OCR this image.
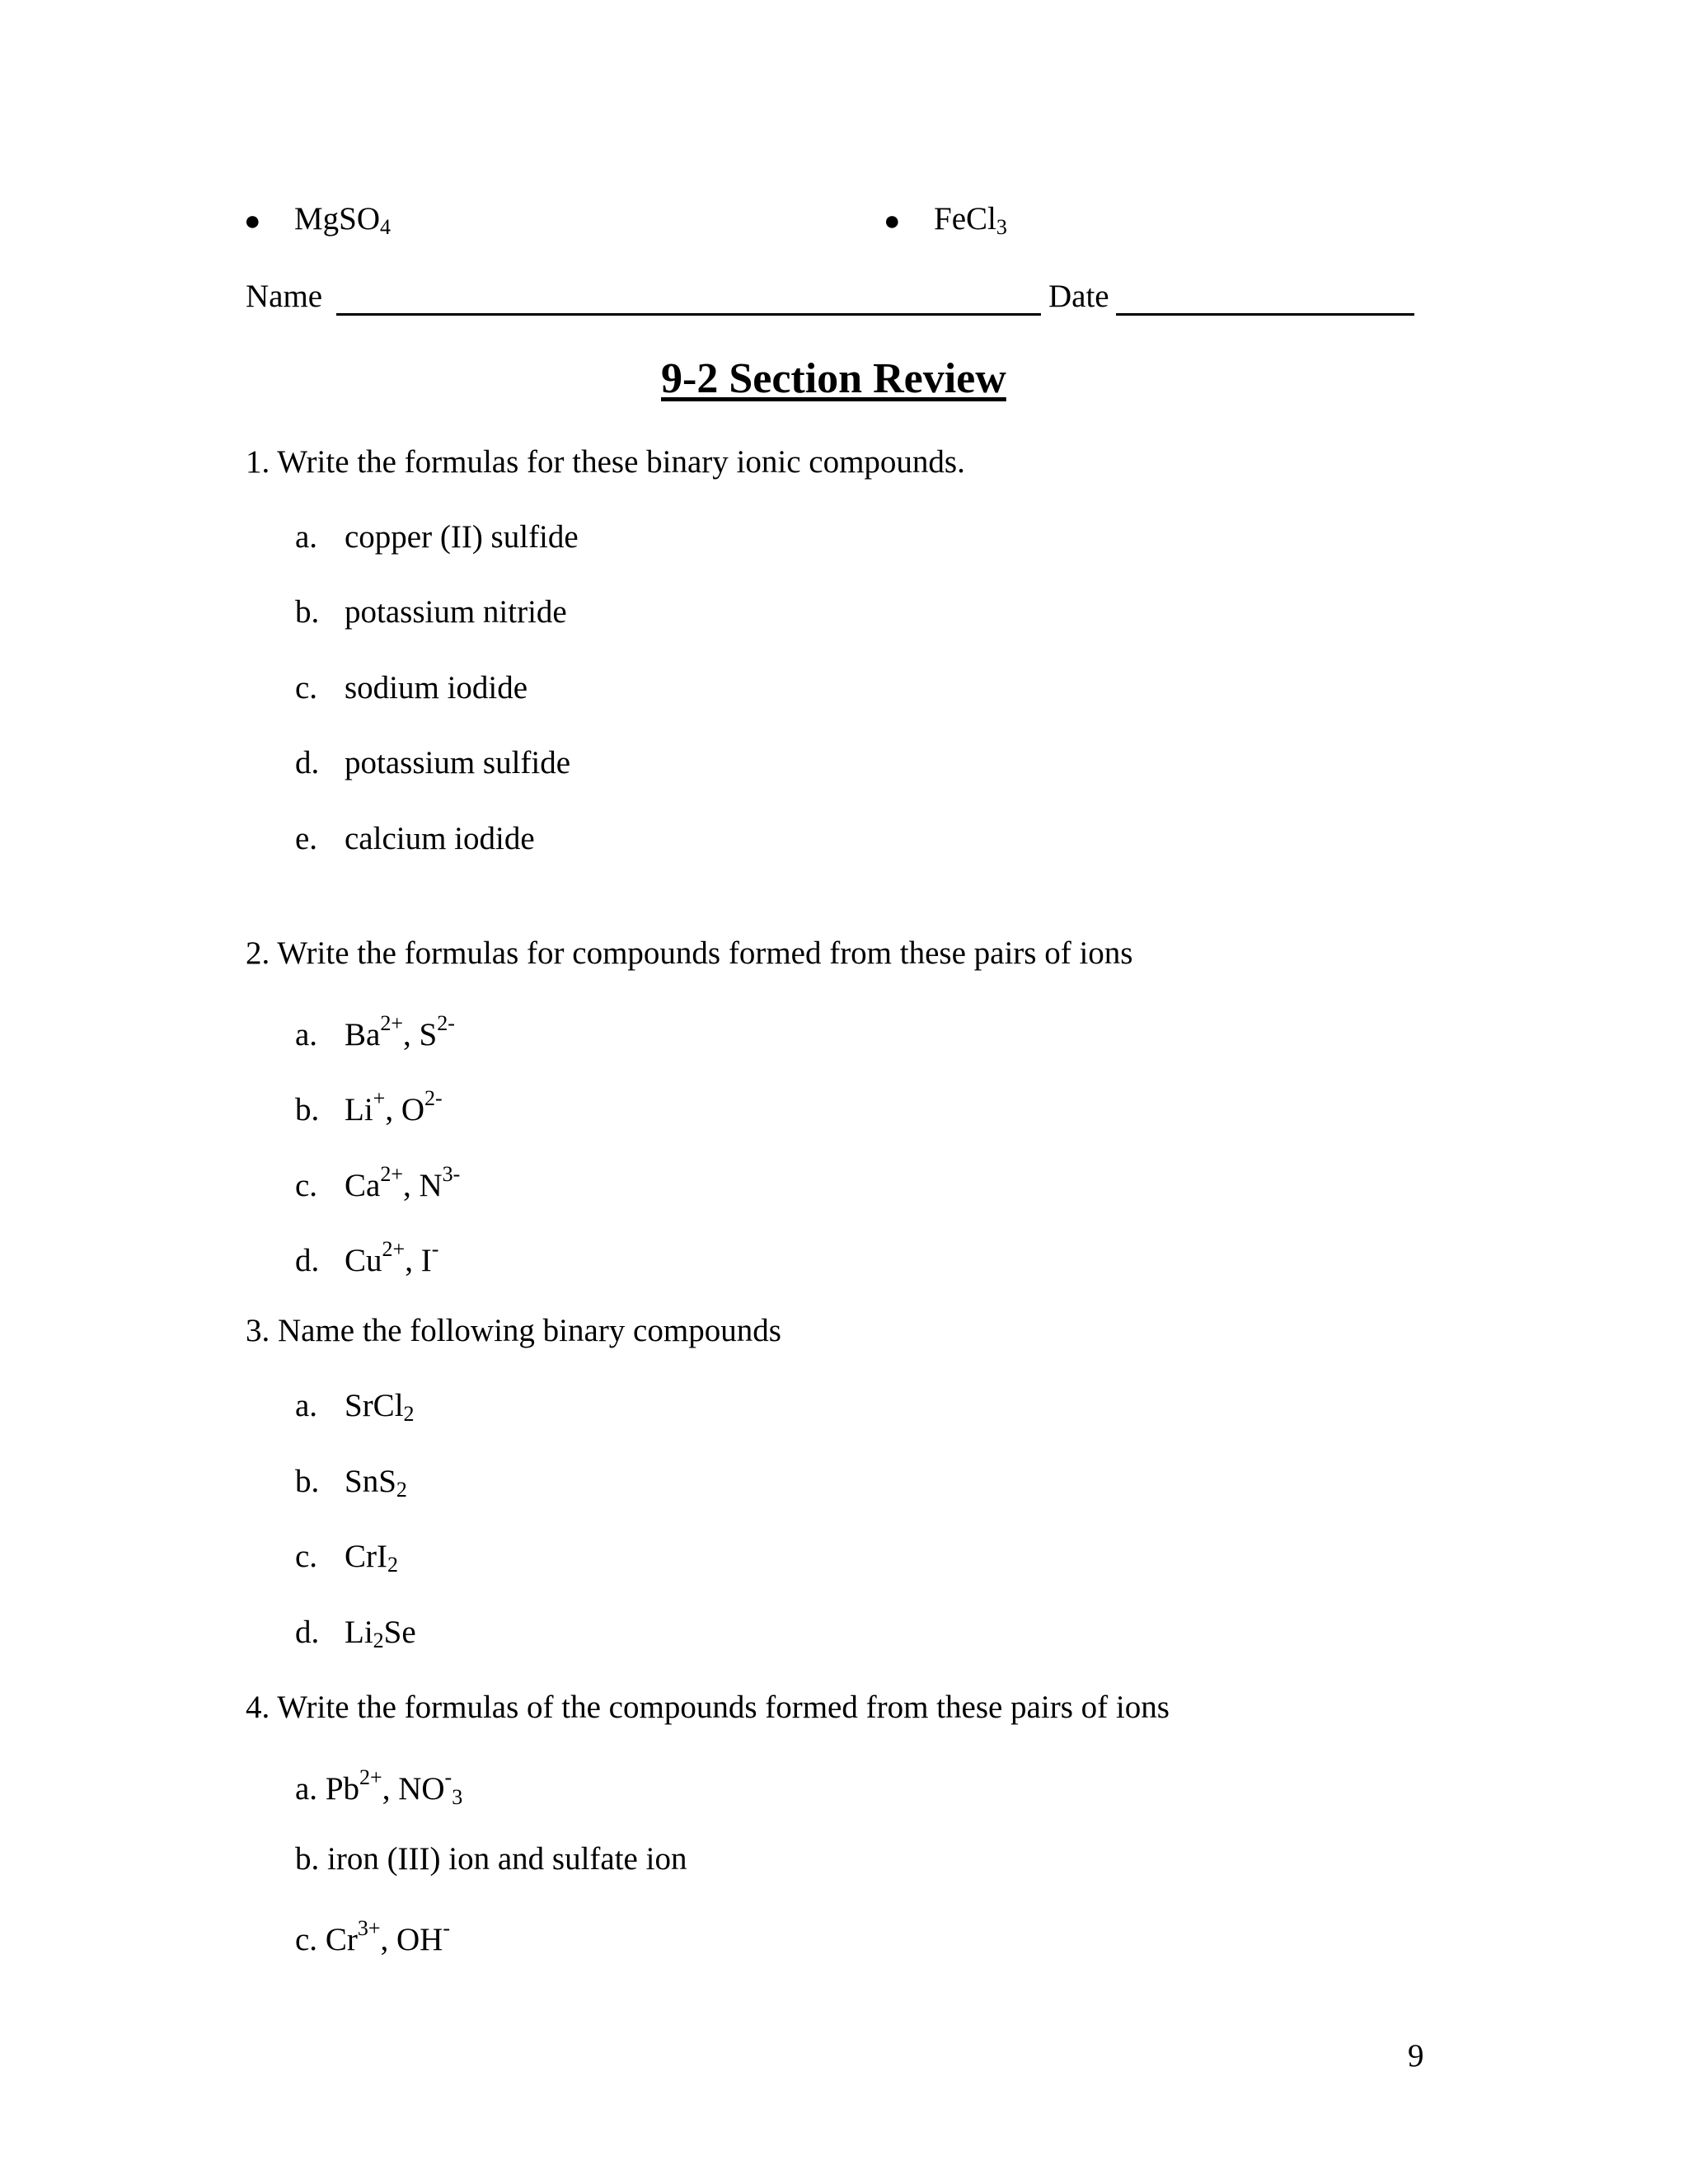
● MgSO4	● FeCl3
Name	Date
9-2 Section Review
1. Write the formulas for these binary ionic compounds.
a. copper (II) sulfide
b. potassium nitride
c. sodium iodide
d. potassium sulfide
e. calcium iodide
2. Write the formulas for compounds formed from these pairs of ions
a. Ba2+, S2-
b. Li+, O2-
c. Ca2+, N3-
d. Cu2+, I-
3. Name the following binary compounds
a. SrCl2
b. SnS2
c. CrI2
d. Li2Se
4. Write the formulas of the compounds formed from these pairs of ions
a. Pb2+, NO-3
b. iron (III) ion and sulfate ion
c. Cr3+, OH-
9
